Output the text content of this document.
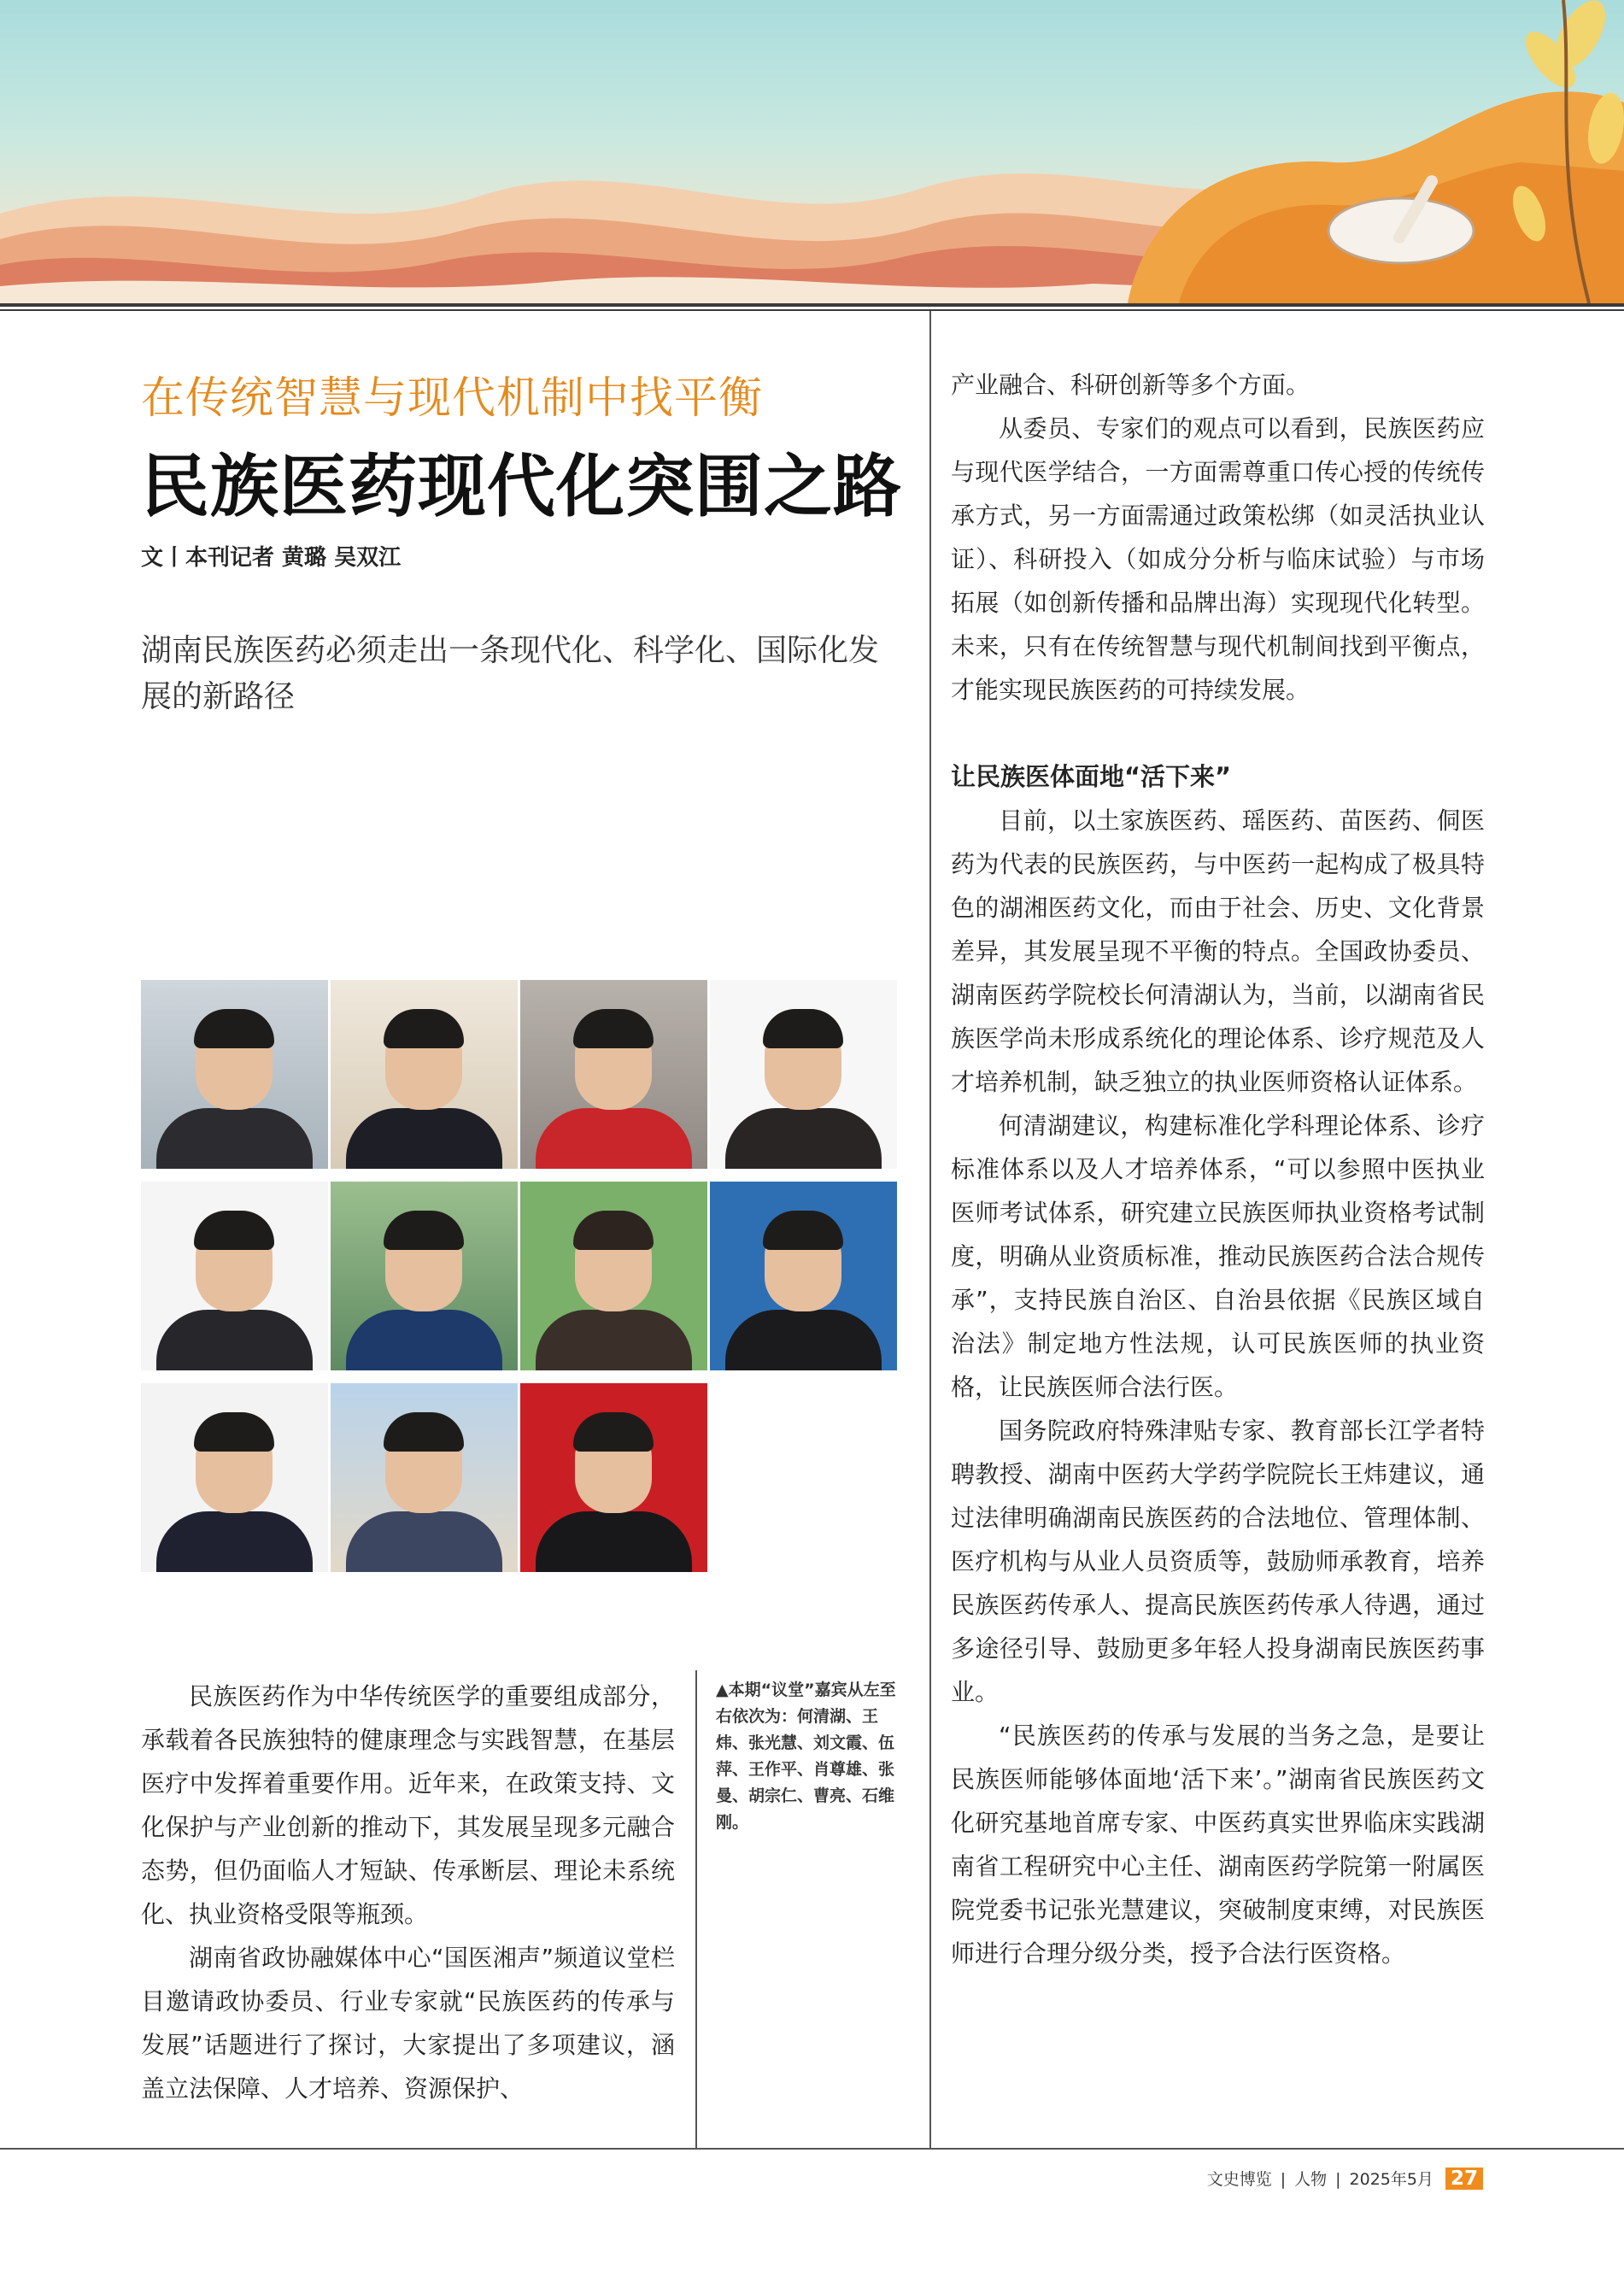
在传统智慧与现代机制中找平衡
民族医药现代化突围之路
文丨本刊记者 黄璐 吴双江
湖南民族医药必须走出一条现代化、科学化、国际化发展的新路径

民族医药作为中华传统医学的重要组成部分，承载着各民族独特的健康理念与实践智慧，在基层医疗中发挥着重要作用。近年来，在政策支持、文化保护与产业创新的推动下，其发展呈现多元融合态势，但仍面临人才短缺、传承断层、理论未系统化、执业资格受限等瓶颈。

湖南省政协融媒体中心“国医湘声”频道议堂栏目邀请政协委员、行业专家就“民族医药的传承与发展”话题进行了探讨，大家提出了多项建议，涵盖立法保障、人才培养、资源保护、

▲本期“议堂”嘉宾从左至右依次为：何清湖、王炜、张光慧、刘文霞、伍萍、王作平、肖尊雄、张曼、胡宗仁、曹亮、石维刚。

产业融合、科研创新等多个方面。

从委员、专家们的观点可以看到，民族医药应与现代医学结合，一方面需尊重口传心授的传统传承方式，另一方面需通过政策松绑（如灵活执业认证）、科研投入（如成分分析与临床试验）与市场拓展（如创新传播和品牌出海）实现现代化转型。未来，只有在传统智慧与现代机制间找到平衡点，才能实现民族医药的可持续发展。

让民族医体面地“活下来”

目前，以土家族医药、瑶医药、苗医药、侗医药为代表的民族医药，与中医药一起构成了极具特色的湖湘医药文化，而由于社会、历史、文化背景差异，其发展呈现不平衡的特点。全国政协委员、湖南医药学院校长何清湖认为，当前，以湖南省民族医学尚未形成系统化的理论体系、诊疗规范及人才培养机制，缺乏独立的执业医师资格认证体系。

何清湖建议，构建标准化学科理论体系、诊疗标准体系以及人才培养体系，“可以参照中医执业医师考试体系，研究建立民族医师执业资格考试制度，明确从业资质标准，推动民族医药合法合规传承”，支持民族自治区、自治县依据《民族区域自治法》制定地方性法规，认可民族医师的执业资格，让民族医师合法行医。

国务院政府特殊津贴专家、教育部长江学者特聘教授、湖南中医药大学药学院院长王炜建议，通过法律明确湖南民族医药的合法地位、管理体制、医疗机构与从业人员资质等，鼓励师承教育，培养民族医药传承人、提高民族医药传承人待遇，通过多途径引导、鼓励更多年轻人投身湖南民族医药事业。

“民族医药的传承与发展的当务之急，是要让民族医师能够体面地‘活下来’。”湖南省民族医药文化研究基地首席专家、中医药真实世界临床实践湖南省工程研究中心主任、湖南医药学院第一附属医院党委书记张光慧建议，突破制度束缚，对民族医师进行合理分级分类，授予合法行医资格。

文史博览 | 人物 | 2025年5月 27
